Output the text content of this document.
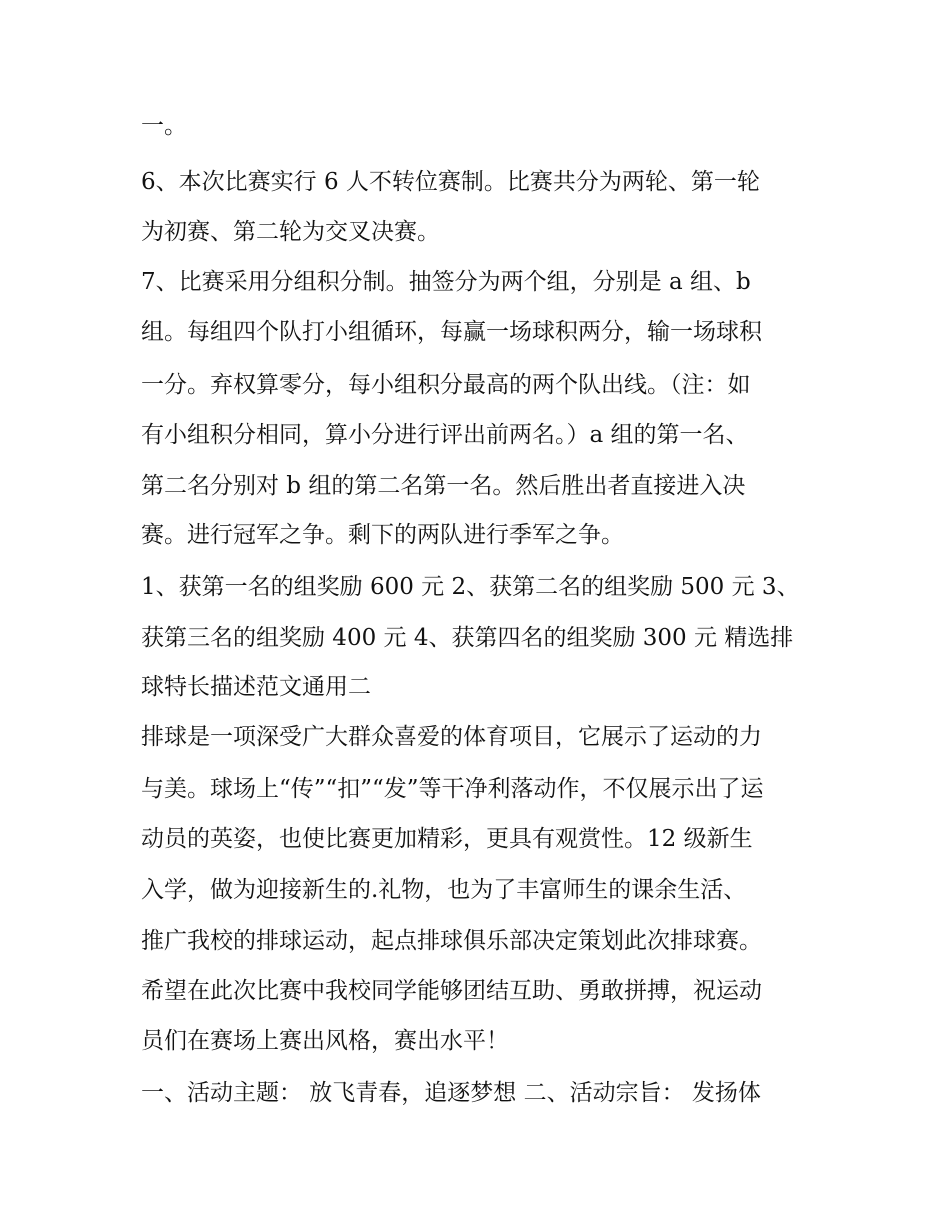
一。
6、本次比赛实行 6 人不转位赛制。比赛共分为两轮、第一轮
为初赛、第二轮为交叉决赛。
7、比赛采用分组积分制。抽签分为两个组，分别是 a 组、b
组。每组四个队打小组循环，每赢一场球积两分，输一场球积
一分。弃权算零分，每小组积分最高的两个队出线。（注：如
有小组积分相同，算小分进行评出前两名。）a 组的第一名、
第二名分别对 b 组的第二名第一名。然后胜出者直接进入决
赛。进行冠军之争。剩下的两队进行季军之争。
1、获第一名的组奖励 600 元 2、获第二名的组奖励 500 元 3、
获第三名的组奖励 400 元 4、获第四名的组奖励 300 元 精选排
球特长描述范文通用二
排球是一项深受广大群众喜爱的体育项目，它展示了运动的力
与美。球场上“传”“扣”“发”等干净利落动作，不仅展示出了运
动员的英姿，也使比赛更加精彩，更具有观赏性。12 级新生
入学，做为迎接新生的.礼物，也为了丰富师生的课余生活、
推广我校的排球运动，起点排球俱乐部决定策划此次排球赛。
希望在此次比赛中我校同学能够团结互助、勇敢拼搏，祝运动
员们在赛场上赛出风格，赛出水平！
一、活动主题： 放飞青春，追逐梦想 二、活动宗旨： 发扬体
